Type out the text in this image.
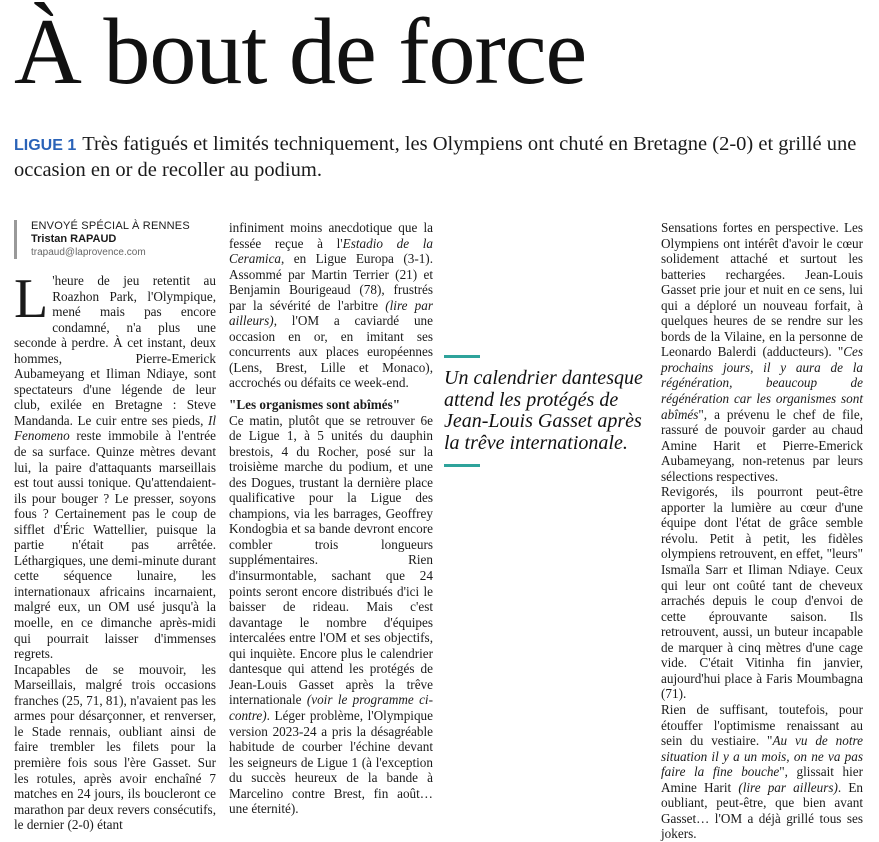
À bout de force

LIGUE 1 Très fatigués et limités techniquement, les Olympiens ont chuté en Bretagne (2-0) et grillé une occasion en or de recoller au podium.

ENVOYÉ SPÉCIAL À RENNES
Tristan RAPAUD
trapaud@laprovence.com

L 'heure de jeu retentit au Roazhon Park, l'Olympique, mené mais pas encore condamné, n'a plus une seconde à perdre. À cet instant, deux hommes, Pierre-Emerick Aubameyang et Iliman Ndiaye, sont spectateurs d'une légende de leur club, exilée en Bretagne : Steve Mandanda. Le cuir entre ses pieds, Il Fenomeno reste immobile à l'entrée de sa surface. Quinze mètres devant lui, la paire d'attaquants marseillais est tout aussi tonique. Qu'attendaient-ils pour bouger ? Le presser, soyons fous ? Certainement pas le coup de sifflet d'Éric Wattellier, puisque la partie n'était pas arrêtée. Léthargiques, une demi-minute durant cette séquence lunaire, les internationaux africains incarnaient, malgré eux, un OM usé jusqu'à la moelle, en ce dimanche après-midi qui pourrait laisser d'immenses regrets.

Incapables de se mouvoir, les Marseillais, malgré trois occasions franches (25, 71, 81), n'avaient pas les armes pour désarçonner, et renverser, le Stade rennais, oubliant ainsi de faire trembler les filets pour la première fois sous l'ère Gasset. Sur les rotules, après avoir enchaîné 7 matches en 24 jours, ils boucleront ce marathon par deux revers consécutifs, le dernier (2-0) étant

infiniment moins anecdotique que la fessée reçue à l'Estadio de la Ceramica, en Ligue Europa (3-1). Assommé par Martin Terrier (21) et Benjamin Bourigeaud (78), frustrés par la sévérité de l'arbitre (lire par ailleurs), l'OM a caviardé une occasion en or, en imitant ses concurrents aux places européennes (Lens, Brest, Lille et Monaco), accrochés ou défaits ce week-end.

"Les organismes sont abîmés"

Ce matin, plutôt que se retrouver 6e de Ligue 1, à 5 unités du dauphin brestois, 4 du Rocher, posé sur la troisième marche du podium, et une des Dogues, trustant la dernière place qualificative pour la Ligue des champions, via les barrages, Geoffrey Kondogbia et sa bande devront encore combler trois longueurs supplémentaires. Rien d'insurmontable, sachant que 24 points seront encore distribués d'ici le baisser de rideau. Mais c'est davantage le nombre d'équipes intercalées entre l'OM et ses objectifs, qui inquiète. Encore plus le calendrier dantesque qui attend les protégés de Jean-Louis Gasset après la trêve internationale (voir le programme ci-contre). Léger problème, l'Olympique version 2023-24 a pris la désagréable habitude de courber l'échine devant les seigneurs de Ligue 1 (à l'exception du succès heureux de la bande à Marcelino contre Brest, fin août… une éternité).

Un calendrier dantesque attend les protégés de Jean-Louis Gasset après la trêve internationale.

Sensations fortes en perspective. Les Olympiens ont intérêt d'avoir le cœur solidement attaché et surtout les batteries rechargées. Jean-Louis Gasset prie jour et nuit en ce sens, lui qui a déploré un nouveau forfait, à quelques heures de se rendre sur les bords de la Vilaine, en la personne de Leonardo Balerdi (adducteurs). "Ces prochains jours, il y aura de la régénération, beaucoup de régénération car les organismes sont abîmés", a prévenu le chef de file, rassuré de pouvoir garder au chaud Amine Harit et Pierre-Emerick Aubameyang, non-retenus par leurs sélections respectives.

Revigorés, ils pourront peut-être apporter la lumière au cœur d'une équipe dont l'état de grâce semble révolu. Petit à petit, les fidèles olympiens retrouvent, en effet, "leurs" Ismaïla Sarr et Iliman Ndiaye. Ceux qui leur ont coûté tant de cheveux arrachés depuis le coup d'envoi de cette éprouvante saison. Ils retrouvent, aussi, un buteur incapable de marquer à cinq mètres d'une cage vide. C'était Vitinha fin janvier, aujourd'hui place à Faris Moumbagna (71).

Rien de suffisant, toutefois, pour étouffer l'optimisme renaissant au sein du vestiaire. "Au vu de notre situation il y a un mois, on ne va pas faire la fine bouche", glissait hier Amine Harit (lire par ailleurs). En oubliant, peut-être, que bien avant Gasset… l'OM a déjà grillé tous ses jokers.
